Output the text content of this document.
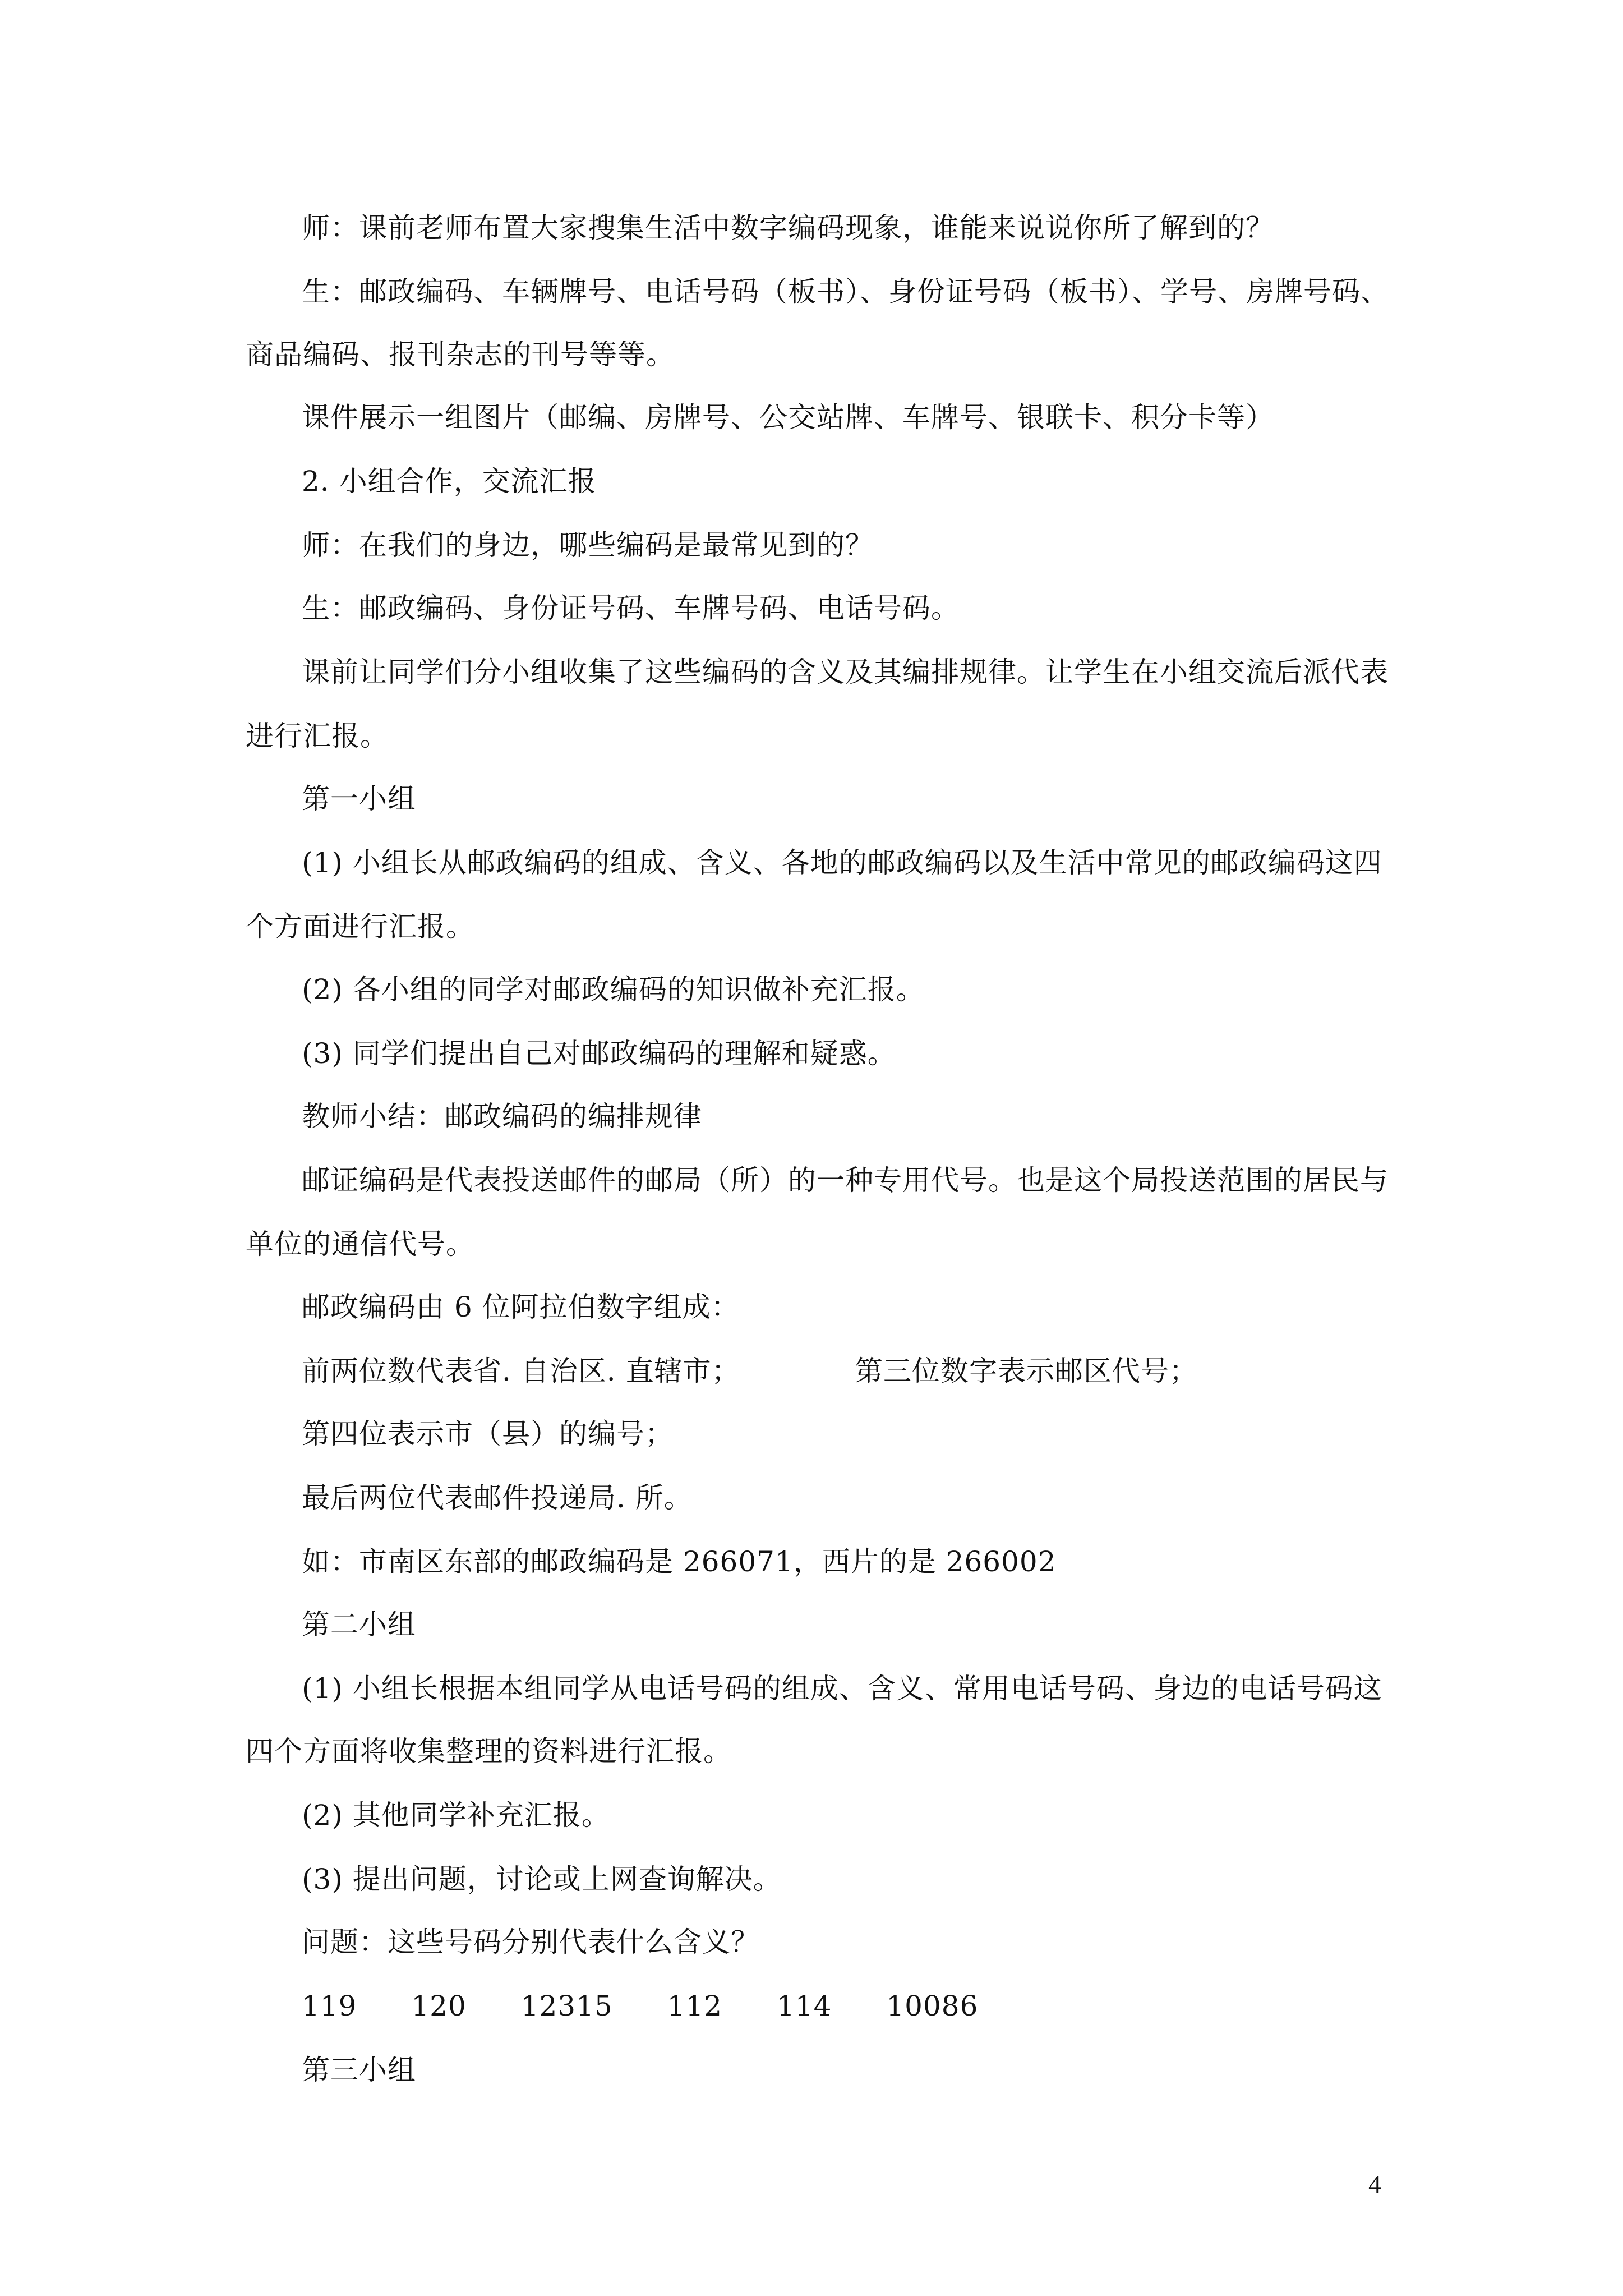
师：课前老师布置大家搜集生活中数字编码现象，谁能来说说你所了解到的？
生：邮政编码、车辆牌号、电话号码（板书）、身份证号码（板书）、学号、房牌号码、
商品编码、报刊杂志的刊号等等。
课件展示一组图片（邮编、房牌号、公交站牌、车牌号、银联卡、积分卡等）
2. 小组合作，交流汇报
师：在我们的身边，哪些编码是最常见到的？
生：邮政编码、身份证号码、车牌号码、电话号码。
课前让同学们分小组收集了这些编码的含义及其编排规律。让学生在小组交流后派代表
进行汇报。
第一小组
(1) 小组长从邮政编码的组成、含义、各地的邮政编码以及生活中常见的邮政编码这四
个方面进行汇报。
(2) 各小组的同学对邮政编码的知识做补充汇报。
(3) 同学们提出自己对邮政编码的理解和疑惑。
教师小结：邮政编码的编排规律
邮证编码是代表投送邮件的邮局（所）的一种专用代号。也是这个局投送范围的居民与
单位的通信代号。
邮政编码由 6 位阿拉伯数字组成：
前两位数代表省. 自治区. 直辖市；	第三位数字表示邮区代号；
第四位表示市（县）的编号；
最后两位代表邮件投递局. 所。
如：市南区东部的邮政编码是 266071，西片的是 266002
第二小组
(1) 小组长根据本组同学从电话号码的组成、含义、常用电话号码、身边的电话号码这
四个方面将收集整理的资料进行汇报。
(2) 其他同学补充汇报。
(3) 提出问题，讨论或上网查询解决。
问题：这些号码分别代表什么含义？
119 120 12315 112 114 10086
第三小组
4
